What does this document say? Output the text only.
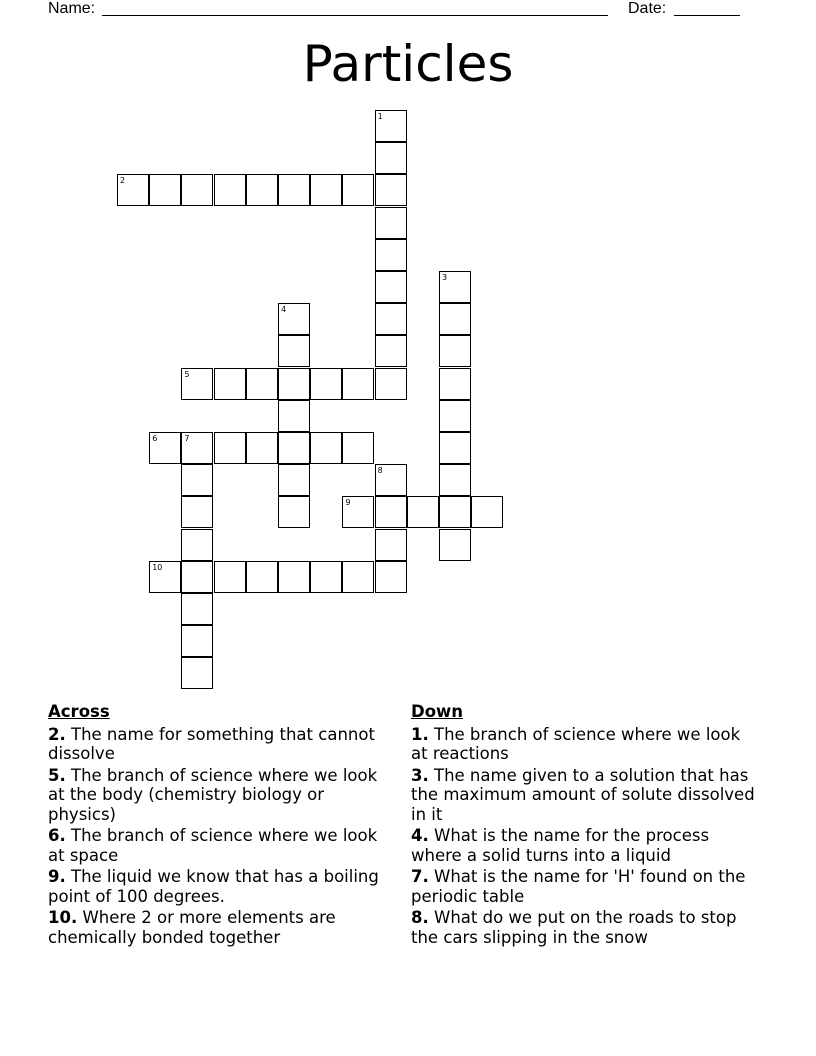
Name:	Date:
Particles
1
2
3
4
5
6	7
8
9
10
Across
2. The name for something that cannot dissolve
5. The branch of science where we look at the body (chemistry biology or physics)
6. The branch of science where we look at space
9. The liquid we know that has a boiling point of 100 degrees.
10. Where 2 or more elements are chemically bonded together
Down
1. The branch of science where we look at reactions
3. The name given to a solution that has the maximum amount of solute dissolved in it
4. What is the name for the process where a solid turns into a liquid
7. What is the name for 'H' found on the periodic table
8. What do we put on the roads to stop the cars slipping in the snow
